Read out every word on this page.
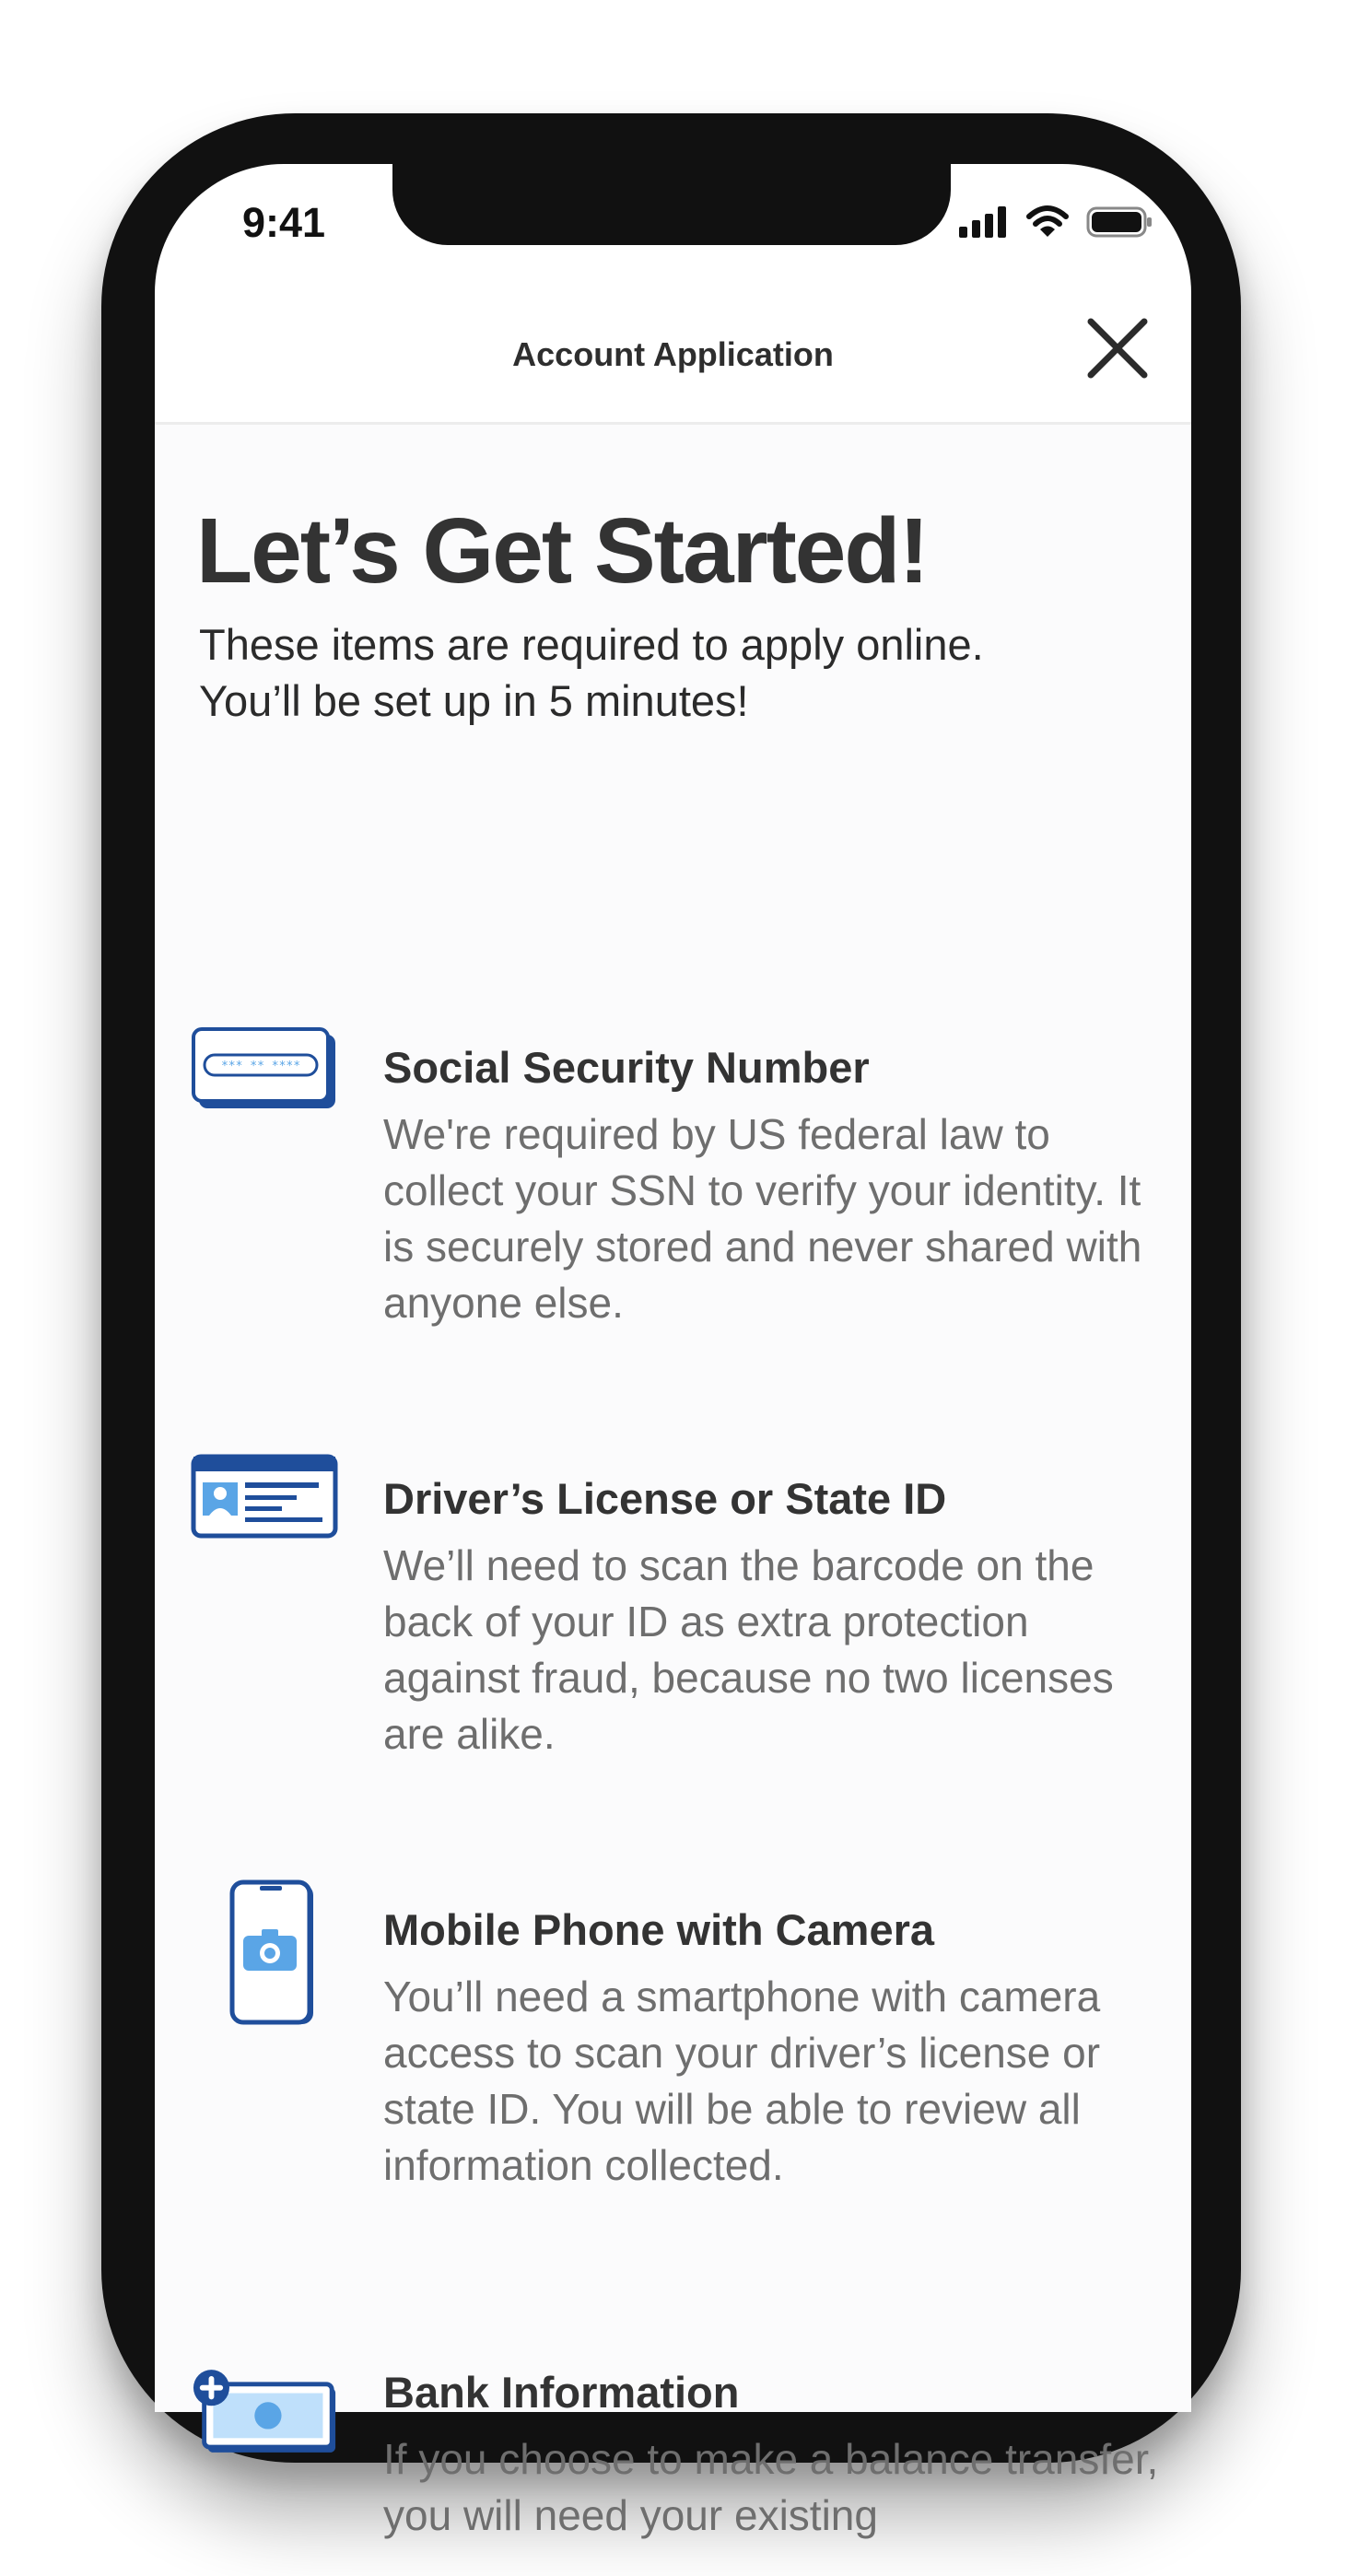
9:41
Account Application
Let’s Get Started!
These items are required to apply online.
You’ll be set up in 5 minutes!
*** ** **** Social Security Number

We're required by US federal law to collect your SSN to verify your identity. It is securely stored and never shared with anyone else.

Driver’s License or State ID

We’ll need to scan the barcode on the back of your ID as extra protection against fraud, because no two licenses are alike.

Mobile Phone with Camera

You’ll need a smartphone with camera access to scan your driver’s license or state ID. You will be able to review all information collected.

Bank Information

If you choose to make a balance transfer, you will need your existing
